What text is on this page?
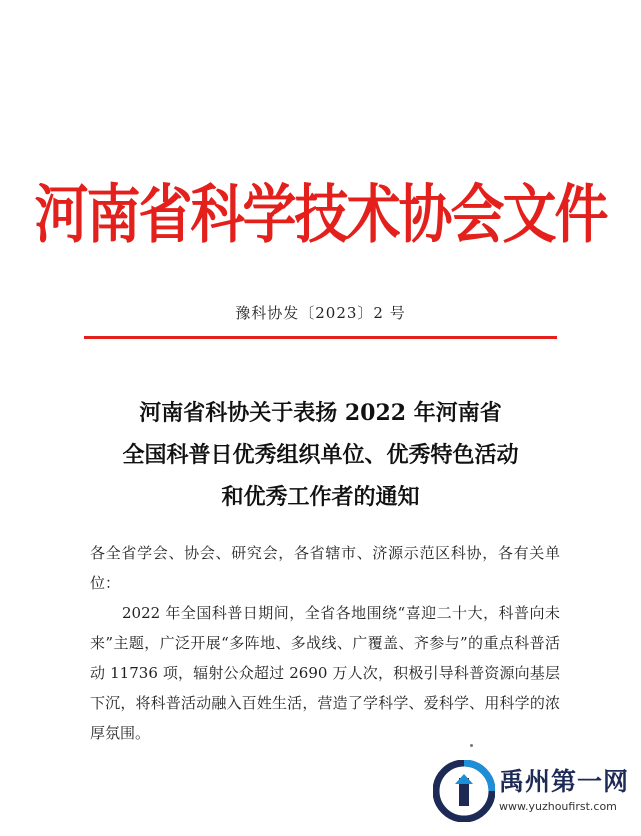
河南省科学技术协会文件
豫科协发〔2023〕2 号
河南省科协关于表扬 2022 年河南省
全国科普日优秀组织单位、优秀特色活动
和优秀工作者的通知

各全省学会、协会、研究会，各省辖市、济源示范区科协，各有关单位：

2022 年全国科普日期间，全省各地围绕“喜迎二十大，科普向未来”主题，广泛开展“多阵地、多战线、广覆盖、齐参与”的重点科普活动 11736 项，辐射公众超过 2690 万人次，积极引导科普资源向基层下沉，将科普活动融入百姓生活，营造了学科学、爱科学、用科学的浓厚氛围。

禹州第一网
www.yuzhoufirst.com
